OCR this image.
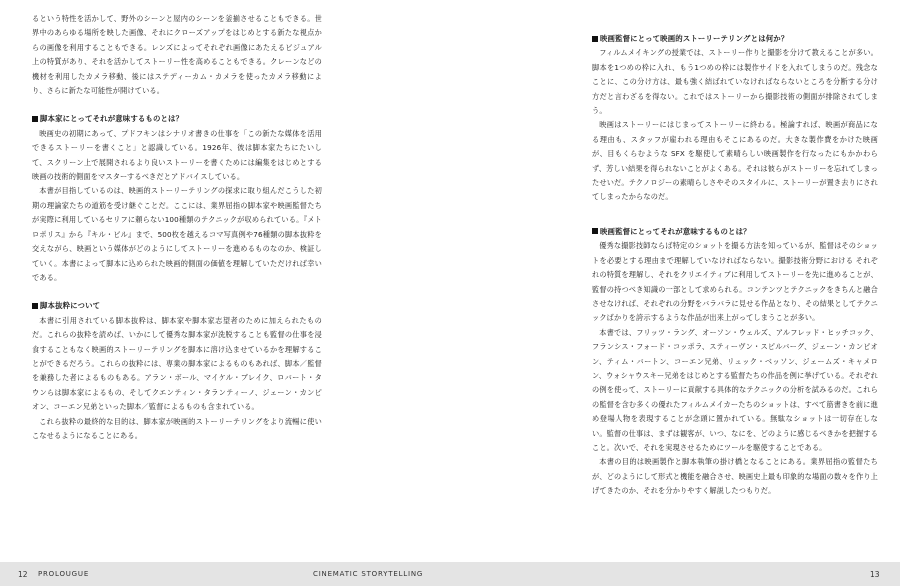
るという特性を活かして、野外のシーンと屋内のシーンを釜揃させることもできる。世界中のあらゆる場所を映した画像、それにクローズアップをはじめとする新たな視点からの画像を利用することもできる。レンズによってそれぞれ画像にあたえるビジュアル上の特質があり、それを活かしてストーリー性を高めることもできる。クレーンなどの機材を利用したカメラ移動、後にはステディーカム・カメラを使ったカメラ移動により、さらに新たな可能性が開けている。

脚本家にとってそれが意味するものとは？

映画史の初期にあって、プドフキンはシナリオ書きの仕事を「この新たな媒体を活用できるストーリーを書くこと」と認識している。1926年、彼は脚本家たちにたいして、スクリーン上で展開されるより良いストーリーを書くためには編集をはじめとする映画の技術的側面をマスターするべきだとアドバイスしている。

本書が目指しているのは、映画的ストーリーテリングの探求に取り組んだこうした初期の理論家たちの道筋を受け継ぐことだ。ここには、業界屈指の脚本家や映画監督たちが実際に利用しているセリフに頼らない100種類のテクニックが収められている。『メトロポリス』から『キル・ビル』まで、500枚を越えるコマ写真例や76種類の脚本抜粋を交えながら、映画という媒体がどのようにしてストーリーを進めるものなのか、検証していく。本書によって脚本に込められた映画的側面の価値を理解していただければ幸いである。

脚本抜粋について

本書に引用されている脚本抜粋は、脚本家や脚本家志望者のために加えられたものだ。これらの抜粋を読めば、いかにして優秀な脚本家が洗脱することも監督の仕事を浸食することもなく映画的ストーリーテリングを脚本に溶け込ませているかを理解することができるだろう。これらの抜粋には、専業の脚本家によるものもあれば、脚本／監督を兼務した者によるものもある。アラン・ボール、マイケル・ブレイク、ロバート・タウンらは脚本家によるもの、そしてクエンティン・タランティーノ、ジェーン・カンピオン、コーエン兄弟といった脚本／監督によるものも含まれている。

これら抜粋の最終的な目的は、脚本家が映画的ストーリーテリングをより流暢に使いこなせるようになることにある。

映画監督にとって映画的ストーリーテリングとは何か？

フィルムメイキングの授業では、ストーリー作りと撮影を分けて教えることが多い。脚本を1つめの枠に入れ、もう1つめの枠には製作サイドを入れてしまうのだ。残念なことに、この分け方は、最も強く結ばれていなければならないところを分断する分け方だと言わざるを得ない。これではストーリーから撮影技術の側面が排除されてしまう。

映画はストーリーにはじまってストーリーに終わる。極論すれば、映画が商品になる理由も、スタッフが雇われる理由もそこにあるのだ。大きな製作費をかけた映画が、目もくらむような SFX を駆使して素晴らしい映画製作を行なったにもかかわらず、芳しい結果を得られないことがよくある。それは彼らがストーリーを忘れてしまったせいだ。テクノロジーの素晴らしさやそのスタイルに、ストーリーが置き去りにされてしまったからなのだ。

映画監督にとってそれが意味するものとは？

優秀な撮影技師ならば特定のショットを撮る方法を知っているが、監督はそのショットを必要とする理由まで理解していなければならない。撮影技術分野における それぞれの特質を理解し、それをクリエイティブに利用してストーリーを先に進めることが、監督の持つべき知識の一部として求められる。コンテンツとテクニックをきちんと融合させなければ、それぞれの分野をバラバラに見せる作品となり、その結果としてテクニックばかりを誇示するような作品が出来上がってしまうことが多い。

本書では、フリッツ・ラング、オーソン・ウェルズ、アルフレッド・ヒッチコック、フランシス・フォード・コッポラ、スティーヴン・スピルバーグ、ジェーン・カンピオン、ティム・バートン、コーエン兄弟、リュック・ベッソン、ジェームズ・キャメロン、ウォシャウスキー兄弟をはじめとする監督たちの作品を例に挙げている。それぞれの例を使って、ストーリーに貢献する具体的なテクニックの分析を試みるのだ。これらの監督を含む多くの優れたフィルムメイカーたちのショットは、すべて筋書きを前に進め登場人物を表現することが念頭に置かれている。無駄なショットは一切存在しない。監督の仕事は、まずは観客が、いつ、なにを、どのように感じるべきかを把握すること。次いで、それを実現させるためにツールを駆使することである。

本書の目的は映画製作と脚本執筆の掛け橋となることにある。業界屈指の監督たちが、どのようにして形式と機能を融合させ、映画史上最も印象的な場面の数々を作り上げてきたのか、それを分かりやすく解説したつもりだ。

12 PROLOUGUE	CINEMATIC STORYTELLING	13
